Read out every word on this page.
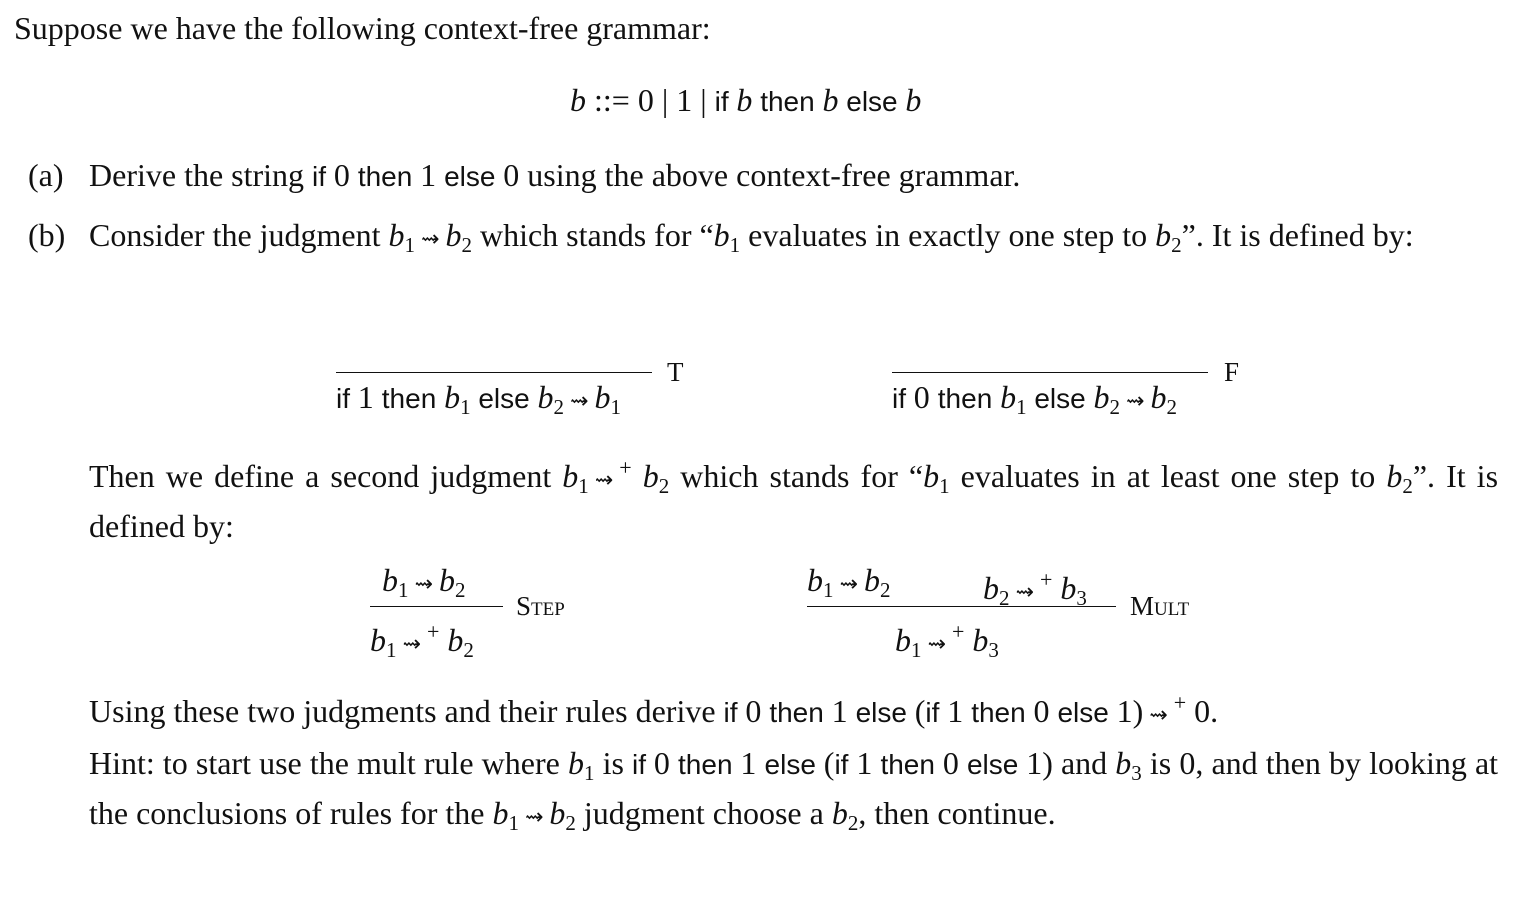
Suppose we have the following context-free grammar:
b ::= 0 | 1 | if b then b else b
(a) Derive the string if 0 then 1 else 0 using the above context-free grammar.
(b) Consider the judgment $b_1$ ⇝ $b_2$ which stands for “$b_1$ evaluates in exactly one step to $b_2$”. It is defined by:
if 1 then $b_1$ else $b_2$ ⇝ $b_1$
T
if 0 then $b_1$ else $b_2$ ⇝ $b_2$
F
Then we define a second judgment $b_1$ ⇝+ $b_2$ which stands for “$b_1$ evaluates in at least one step to $b_2$”. It is defined by:
$b_1$ ⇝ $b_2$
$b_1$ ⇝+ $b_2$
Step
$b_1$ ⇝ $b_2$	$b_2$ ⇝+ $b_3$
$b_1$ ⇝+ $b_3$
Mult
Using these two judgments and their rules derive if 0 then 1 else (if 1 then 0 else 1) ⇝+ 0.
Hint: to start use the mult rule where $b_1$ is if 0 then 1 else (if 1 then 0 else 1) and $b_3$ is 0, and then by looking at the conclusions of rules for the $b_1$ ⇝ $b_2$ judgment choose a $b_2$, then continue.
